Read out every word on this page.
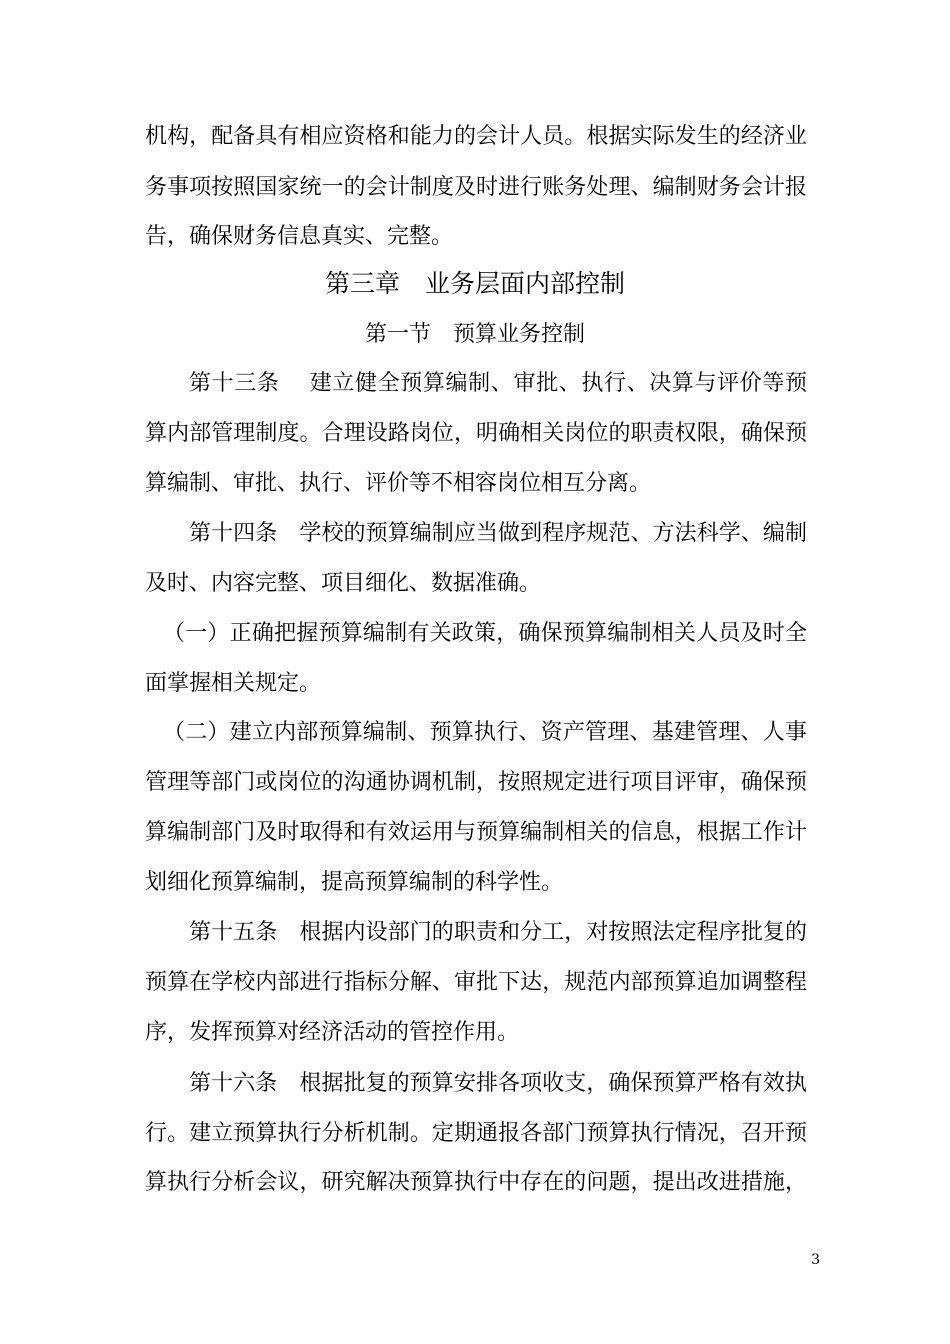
机构，配备具有相应资格和能力的会计人员。根据实际发生的经济业
务事项按照国家统一的会计制度及时进行账务处理、编制财务会计报
告，确保财务信息真实、完整。
第三章　业务层面内部控制
第一节　预算业务控制
第十三条　 建立健全预算编制、审批、执行、决算与评价等预
算内部管理制度。合理设路岗位，明确相关岗位的职责权限，确保预
算编制、审批、执行、评价等不相容岗位相互分离。
第十四条　学校的预算编制应当做到程序规范、方法科学、编制
及时、内容完整、项目细化、数据准确。
（一）正确把握预算编制有关政策，确保预算编制相关人员及时全
面掌握相关规定。
（二）建立内部预算编制、预算执行、资产管理、基建管理、人事
管理等部门或岗位的沟通协调机制，按照规定进行项目评审，确保预
算编制部门及时取得和有效运用与预算编制相关的信息，根据工作计
划细化预算编制，提高预算编制的科学性。
第十五条　根据内设部门的职责和分工，对按照法定程序批复的
预算在学校内部进行指标分解、审批下达，规范内部预算追加调整程
序，发挥预算对经济活动的管控作用。
第十六条　根据批复的预算安排各项收支，确保预算严格有效执
行。建立预算执行分析机制。定期通报各部门预算执行情况，召开预
算执行分析会议，研究解决预算执行中存在的问题，提出改进措施，
3
